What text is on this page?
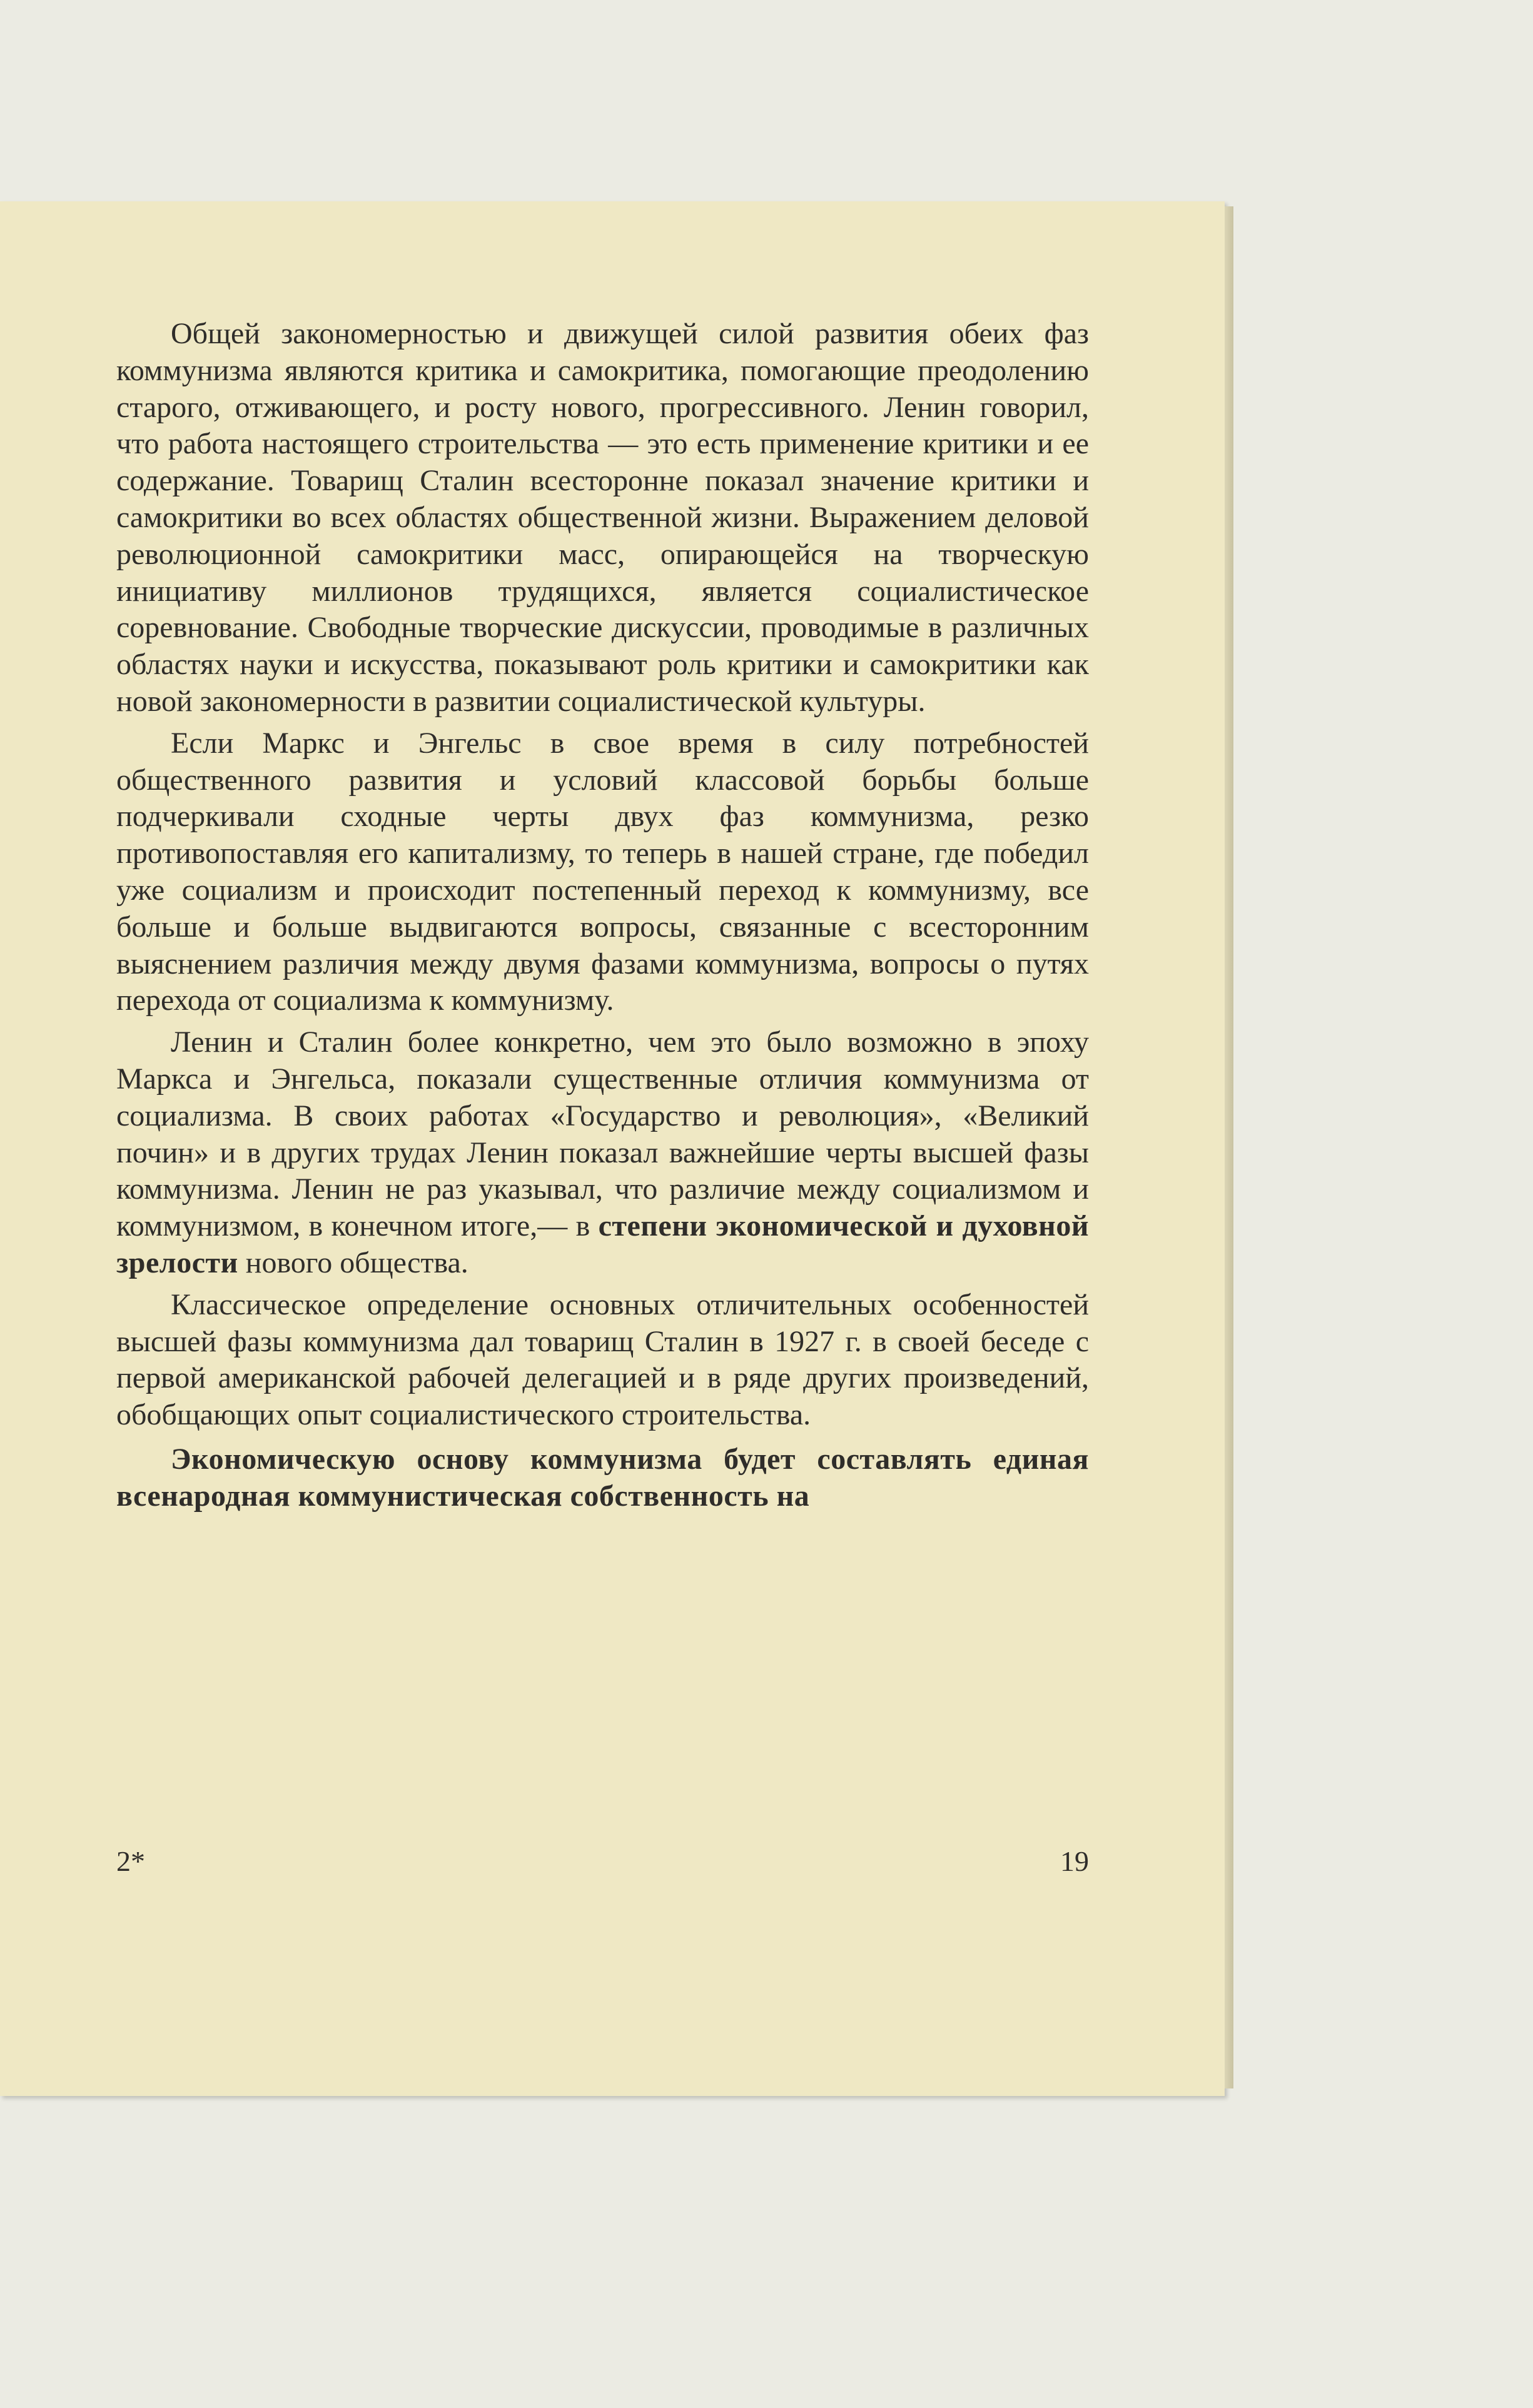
Общей закономерностью и движущей силой развития обеих фаз коммунизма являются критика и самокритика, помогающие преодолению старого, отживающего, и росту нового, прогрессивного. Ленин говорил, что работа настоящего строительства — это есть применение критики и ее содержание. Товарищ Сталин всесторонне показал значение критики и самокритики во всех областях общественной жизни. Выражением деловой революционной самокритики масс, опирающейся на творческую инициативу миллионов трудящихся, является социалистическое соревнование. Свободные творческие дискуссии, проводимые в различных областях науки и искусства, показывают роль критики и самокритики как новой закономерности в развитии социалистической культуры.

Если Маркс и Энгельс в свое время в силу потребностей общественного развития и условий классовой борьбы больше подчеркивали сходные черты двух фаз коммунизма, резко противопоставляя его капитализму, то теперь в нашей стране, где победил уже социализм и происходит постепенный переход к коммунизму, все больше и больше выдвигаются вопросы, связанные с всесторонним выяснением различия между двумя фазами коммунизма, вопросы о путях перехода от социализма к коммунизму.

Ленин и Сталин более конкретно, чем это было возможно в эпоху Маркса и Энгельса, показали существенные отличия коммунизма от социализма. В своих работах «Государство и революция», «Великий почин» и в других трудах Ленин показал важнейшие черты высшей фазы коммунизма. Ленин не раз указывал, что различие между социализмом и коммунизмом, в конечном итоге,— в степени экономической и духовной зрелости нового общества.

Классическое определение основных отличительных особенностей высшей фазы коммунизма дал товарищ Сталин в 1927 г. в своей беседе с первой американской рабочей делегацией и в ряде других произведений, обобщающих опыт социалистического строительства.

Экономическую основу коммунизма будет составлять единая всенародная коммунистическая собственность на

2*	19
